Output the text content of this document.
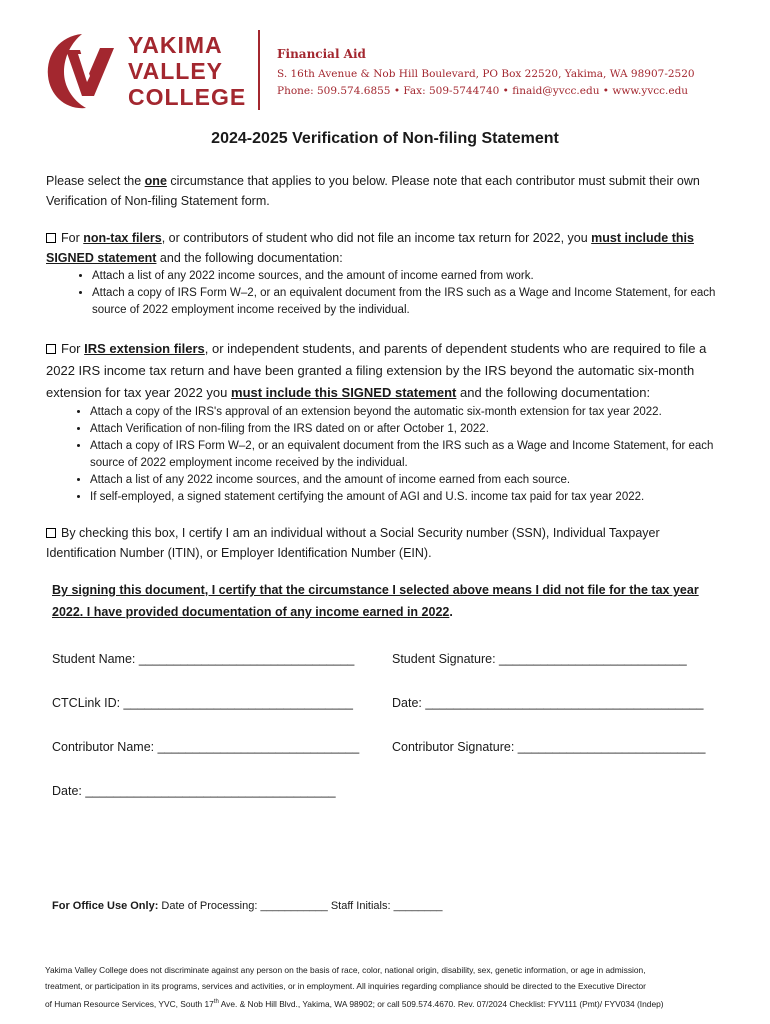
YAKIMA
VALLEY
COLLEGE
Financial Aid
S. 16th Avenue & Nob Hill Boulevard, PO Box 22520, Yakima, WA 98907-2520
Phone: 509.574.6855 • Fax: 509-5744740 • finaid@yvcc.edu • www.yvcc.edu
2024-2025 Verification of Non-filing Statement

Please select the one circumstance that applies to you below. Please note that each contributor must submit their own Verification of Non-filing Statement form.

For non-tax filers, or contributors of student who did not file an income tax return for 2022, you must include this SIGNED statement and the following documentation:

• Attach a list of any 2022 income sources, and the amount of income earned from work.
• Attach a copy of IRS Form W–2, or an equivalent document from the IRS such as a Wage and Income Statement, for each source of 2022 employment income received by the individual.

For IRS extension filers, or independent students, and parents of dependent students who are required to file a 2022 IRS income tax return and have been granted a filing extension by the IRS beyond the automatic six-month extension for tax year 2022 you must include this SIGNED statement and the following documentation:

• Attach a copy of the IRS's approval of an extension beyond the automatic six-month extension for tax year 2022.
• Attach Verification of non-filing from the IRS dated on or after October 1, 2022.
• Attach a copy of IRS Form W–2, or an equivalent document from the IRS such as a Wage and Income Statement, for each source of 2022 employment income received by the individual.
• Attach a list of any 2022 income sources, and the amount of income earned from each source.
• If self-employed, a signed statement certifying the amount of AGI and U.S. income tax paid for tax year 2022.

By checking this box, I certify I am an individual without a Social Security number (SSN), Individual Taxpayer Identification Number (ITIN), or Employer Identification Number (EIN).

By signing this document, I certify that the circumstance I selected above means I did not file for the tax year 2022. I have provided documentation of any income earned in 2022.

Student Name: _______________________________	Student Signature: ___________________________
CTCLink ID: _________________________________	Date: ________________________________________
Contributor Name: _____________________________	Contributor Signature: ___________________________
Date: ____________________________________
For Office Use Only: Date of Processing: ___________ Staff Initials: ________
Yakima Valley College does not discriminate against any person on the basis of race, color, national origin, disability, sex, genetic information, or age in admission,
treatment, or participation in its programs, services and activities, or in employment. All inquiries regarding compliance should be directed to the Executive Director
of Human Resource Services, YVC, South 17th Ave. & Nob Hill Blvd., Yakima, WA 98902; or call 509.574.4670. Rev. 07/2024 Checklist: FYV111 (Pmt)/ FYV034 (Indep)
